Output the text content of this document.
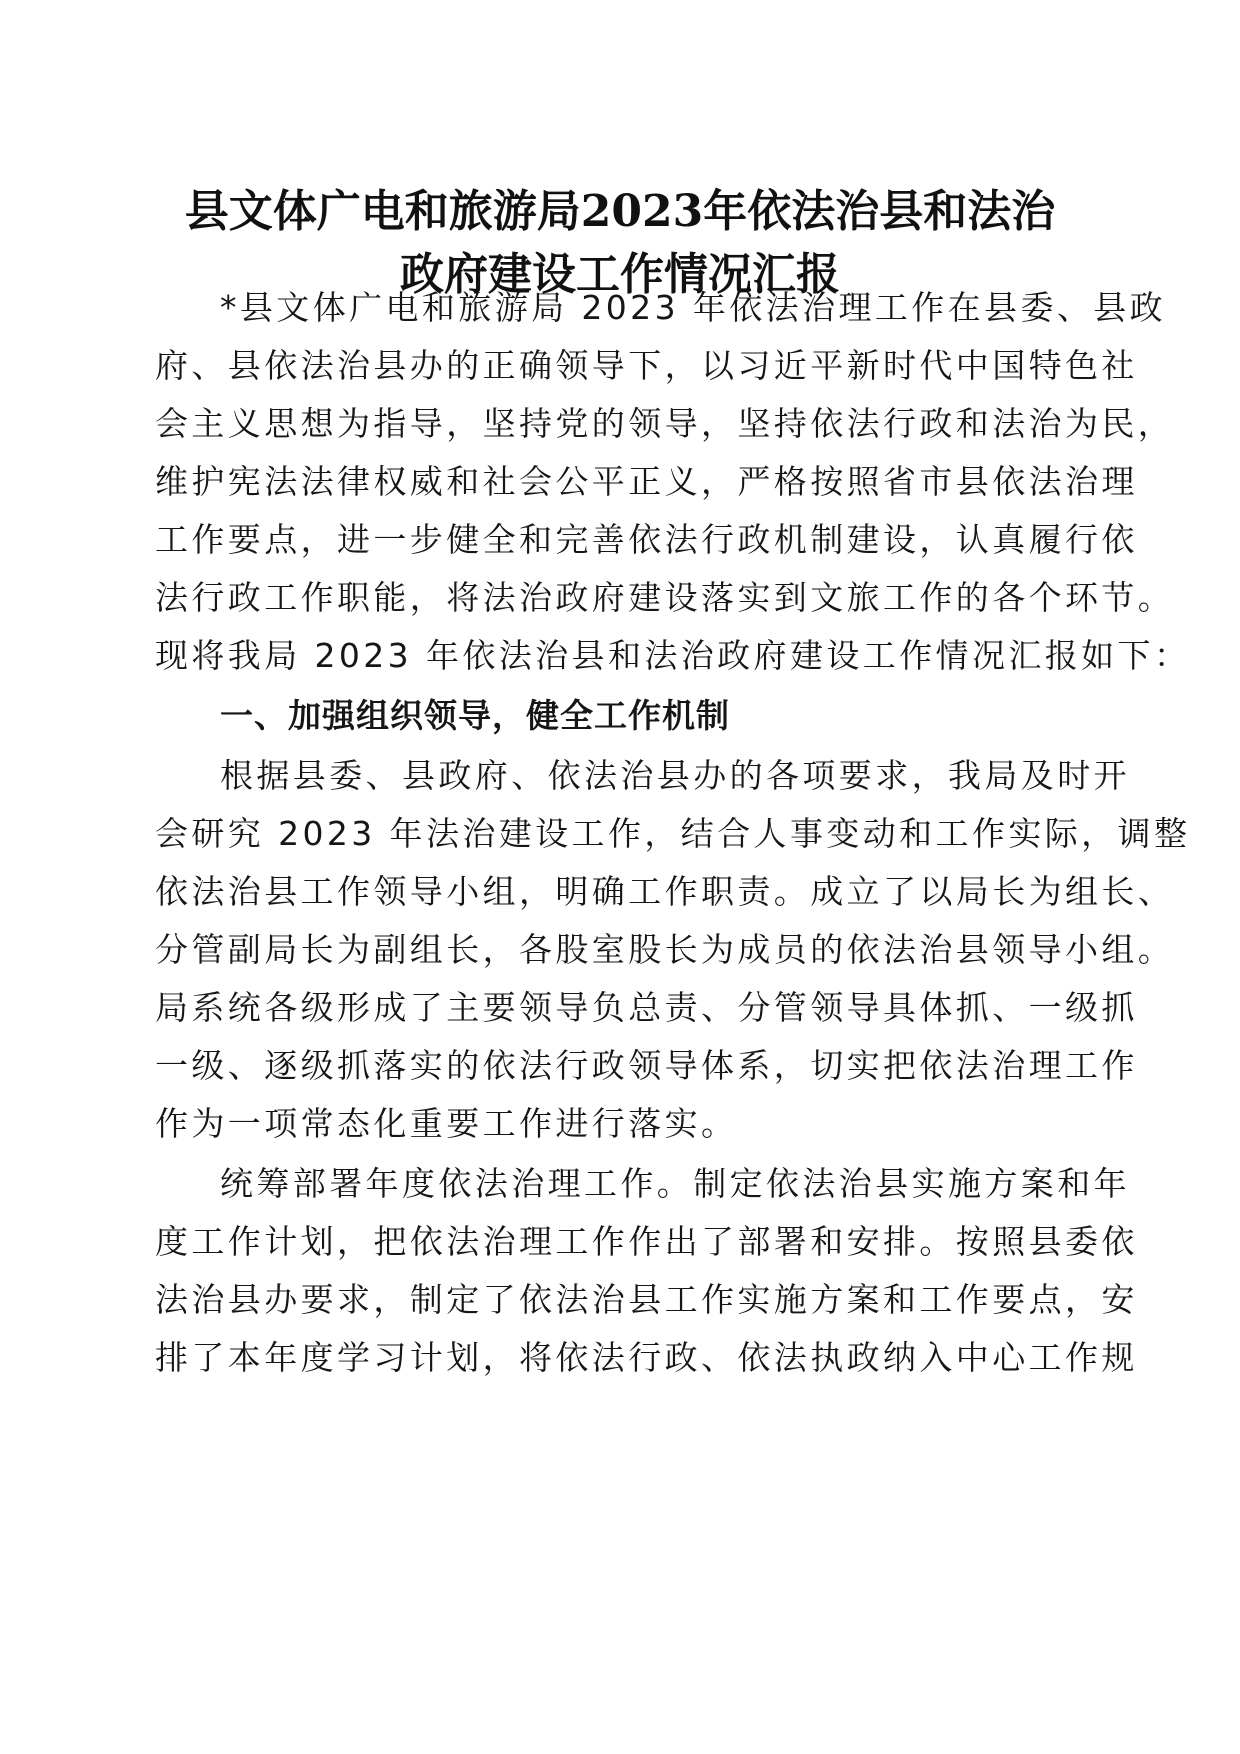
县文体广电和旅游局2023年依法治县和法治
政府建设工作情况汇报

*县文体广电和旅游局 2023 年依法治理工作在县委、县政

府、县依法治县办的正确领导下，以习近平新时代中国特色社

会主义思想为指导，坚持党的领导，坚持依法行政和法治为民，

维护宪法法律权威和社会公平正义，严格按照省市县依法治理

工作要点，进一步健全和完善依法行政机制建设，认真履行依

法行政工作职能，将法治政府建设落实到文旅工作的各个环节。

现将我局 2023 年依法治县和法治政府建设工作情况汇报如下：

一、加强组织领导，健全工作机制

根据县委、县政府、依法治县办的各项要求，我局及时开

会研究 2023 年法治建设工作，结合人事变动和工作实际，调整

依法治县工作领导小组，明确工作职责。成立了以局长为组长、

分管副局长为副组长，各股室股长为成员的依法治县领导小组。

局系统各级形成了主要领导负总责、分管领导具体抓、一级抓

一级、逐级抓落实的依法行政领导体系，切实把依法治理工作

作为一项常态化重要工作进行落实。

统筹部署年度依法治理工作。制定依法治县实施方案和年

度工作计划，把依法治理工作作出了部署和安排。按照县委依

法治县办要求，制定了依法治县工作实施方案和工作要点，安

排了本年度学习计划，将依法行政、依法执政纳入中心工作规
